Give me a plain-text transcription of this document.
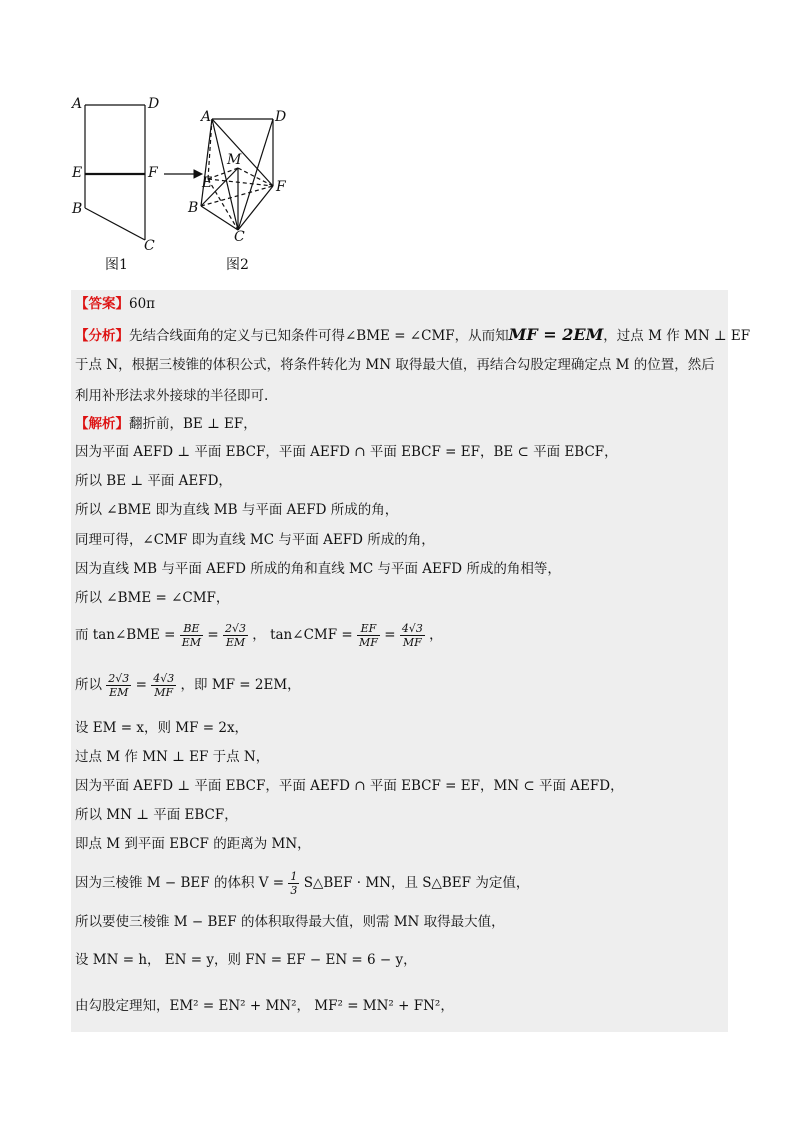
A	D
E	F
B
C
A	D
M
E	F
B
C
图1	图2
【答案】60π
【分析】先结合线面角的定义与已知条件可得∠BME = ∠CMF，从而知MF = 2EM，过点 M 作 MN ⊥ EF
于点 N，根据三棱锥的体积公式，将条件转化为 MN 取得最大值，再结合勾股定理确定点 M 的位置，然后
利用补形法求外接球的半径即可.
【解析】翻折前，BE ⊥ EF，
因为平面 AEFD ⊥ 平面 EBCF，平面 AEFD ∩ 平面 EBCF = EF，BE ⊂ 平面 EBCF，
所以 BE ⊥ 平面 AEFD，
所以 ∠BME 即为直线 MB 与平面 AEFD 所成的角，
同理可得，∠CMF 即为直线 MC 与平面 AEFD 所成的角，
因为直线 MB 与平面 AEFD 所成的角和直线 MC 与平面 AEFD 所成的角相等，
所以 ∠BME = ∠CMF，
而 tan∠BME = $\frac{BE}{EM} = \frac{2√3}{EM}$ ， tan∠CMF = $\frac{EF}{MF} = \frac{4√3}{MF}$ ，
所以 $\frac{2√3}{EM} = \frac{4√3}{MF}$ ，即 MF = 2EM，
设 EM = x，则 MF = 2x，
过点 M 作 MN ⊥ EF 于点 N，
因为平面 AEFD ⊥ 平面 EBCF，平面 AEFD ∩ 平面 EBCF = EF，MN ⊂ 平面 AEFD，
所以 MN ⊥ 平面 EBCF，
即点 M 到平面 EBCF 的距离为 MN，
因为三棱锥 M − BEF 的体积 $V = \frac{1}{3}$ S△BEF · MN，且 S△BEF 为定值，
所以要使三棱锥 M − BEF 的体积取得最大值，则需 MN 取得最大值，
设 MN = h， EN = y，则 FN = EF − EN = 6 − y，
由勾股定理知，EM² = EN² + MN²， MF² = MN² + FN²，
